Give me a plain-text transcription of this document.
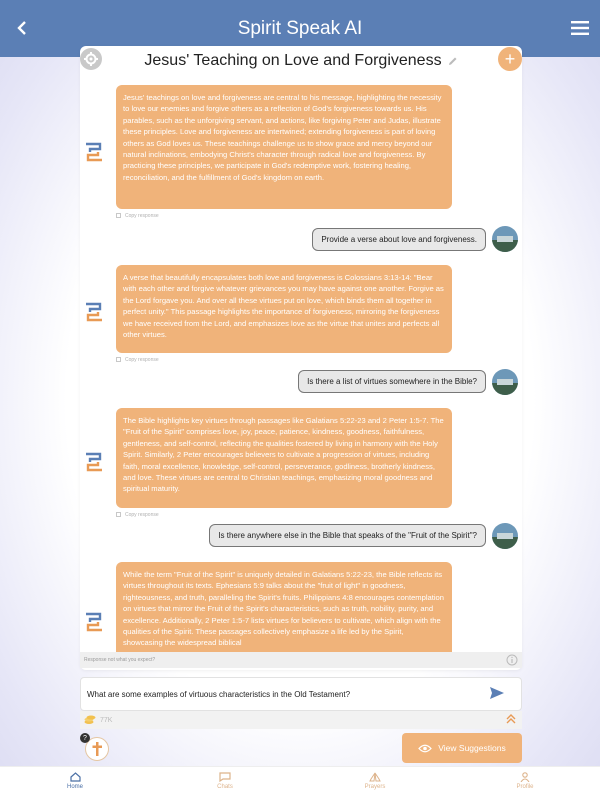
Spirit Speak AI
Jesus' Teaching on Love and Forgiveness	+
Jesus' teachings on love and forgiveness are central to his message, highlighting the necessity to love our enemies and forgive others as a reflection of God's forgiveness towards us. His parables, such as the unforgiving servant, and actions, like forgiving Peter and Judas, illustrate these principles. Love and forgiveness are intertwined; extending forgiveness is part of loving others as God loves us. These teachings challenge us to show grace and mercy beyond our natural inclinations, embodying Christ's character through radical love and forgiveness. By practicing these principles, we participate in God's redemptive work, fostering healing, reconciliation, and the fulfillment of God's kingdom on earth.
Copy response
Provide a verse about love and forgiveness.
A verse that beautifully encapsulates both love and forgiveness is Colossians 3:13-14: "Bear with each other and forgive whatever grievances you may have against one another. Forgive as the Lord forgave you. And over all these virtues put on love, which binds them all together in perfect unity." This passage highlights the importance of forgiveness, mirroring the forgiveness we have received from the Lord, and emphasizes love as the virtue that unites and perfects all other virtues.
Copy response
Is there a list of virtues somewhere in the Bible?
The Bible highlights key virtues through passages like Galatians 5:22-23 and 2 Peter 1:5-7. The "Fruit of the Spirit" comprises love, joy, peace, patience, kindness, goodness, faithfulness, gentleness, and self-control, reflecting the qualities fostered by living in harmony with the Holy Spirit. Similarly, 2 Peter encourages believers to cultivate a progression of virtues, including faith, moral excellence, knowledge, self-control, perseverance, godliness, brotherly kindness, and love. These virtues are central to Christian teachings, emphasizing moral goodness and spiritual maturity.
Copy response
Is there anywhere else in the Bible that speaks of the "Fruit of the Spirit"?
While the term "Fruit of the Spirit" is uniquely detailed in Galatians 5:22-23, the Bible reflects its virtues throughout its texts. Ephesians 5:9 talks about the "fruit of light" in goodness, righteousness, and truth, paralleling the Spirit's fruits. Philippians 4:8 encourages contemplation on virtues that mirror the Fruit of the Spirit's characteristics, such as truth, nobility, purity, and excellence. Additionally, 2 Peter 1:5-7 lists virtues for believers to cultivate, which align with the qualities of the Spirit. These passages collectively emphasize a life led by the Spirit, showcasing the widespread biblical
Response not what you expect?
What are some examples of virtuous characteristics in the Old Testament?
77K
?
View Suggestions
Home	Chats	Prayers	Profile
